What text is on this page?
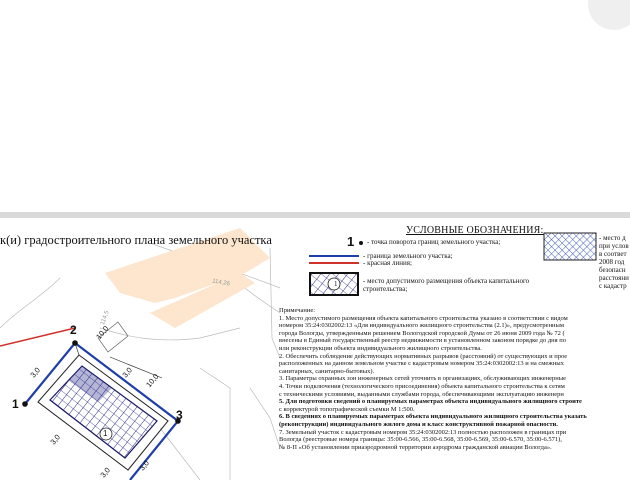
к(и) градостроительного плана земельного участка
УСЛОВНЫЕ ОБОЗНАЧЕНИЯ:
1 - точка поворота границ земельного участка;
- граница земельного участка;
- красная линия;
- место допустимого размещения объекта капитального
строительства;
1
- место д
при услов
в соответ
2008 год
безопасн
расстояни
с кадастр
Примечание:
1. Место допустимого размещения объекта капитального строительства указано в соответствии с видом
номером 35:24:0302002:13 «Для индивидуального жилищного строительства (2.1)», предусмотренным
города Вологды, утвержденными решением Вологодской городской Думы от 26 июня 2009 года № 72 (
внесены в Единый государственный реестр недвижимости в установленном законом порядке до дня по
или реконструкции объекта индивидуального жилищного строительства.
2. Обеспечить соблюдение действующих нормативных разрывов (расстояний) от существующих и прое
расположенных на данном земельном участке с кадастровым номером 35:24:0302002:13 и на смежных
санитарных, санитарно-бытовых).
3. Параметры охранных зон инженерных сетей уточнить в организациях, обслуживающих инженерные
4. Точки подключения (технологического присоединения) объекта капитального строительства к сетям
с техническими условиями, выданными службами города, обеспечивающими эксплуатацию инженерн
5. Для подготовки сведений о планируемых параметрах объекта индивидуального жилищного строите
с корректурой топографической съемки М 1:500.
6. В сведениях о планируемых параметрах объекта индивидуального жилищного строительства указать
(реконструкции) индивидуального жилого дома и класс конструктивной пожарной опасности.
7. Земельный участок с кадастровым номером 35:24:0302002:13 полностью расположен в границах при
Вологда (реестровые номера границы: 35:00-6.566, 35:00-6.568, 35:00-6.569, 35:00-6.570, 35:00-6.571),
№ 8-П «Об установлении приаэродромной территории аэродрома гражданской авиации Вологда».
1
2
3
10,0
3,0	3,0 10,0
3,0
3,0
3,0
114,26
114,5
1
